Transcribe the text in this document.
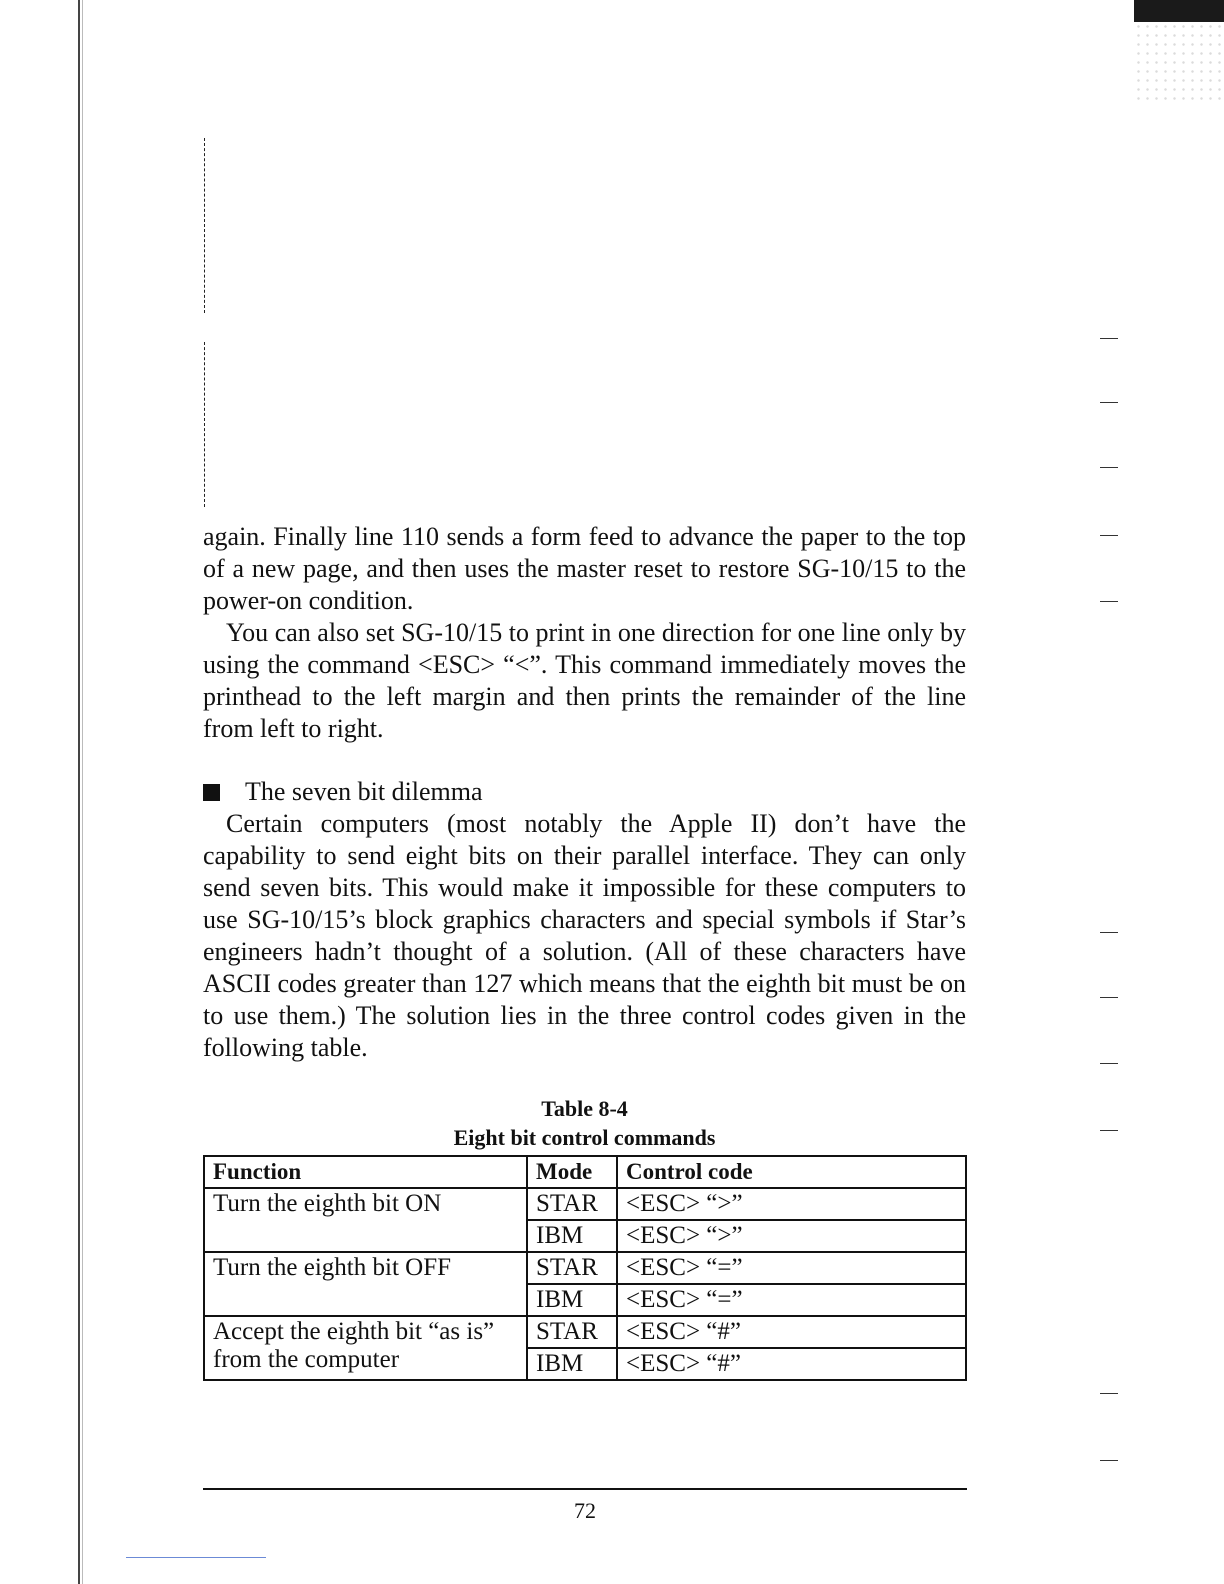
again. Finally line 110 sends a form feed to advance the paper to the top of a new page, and then uses the master reset to restore SG-10/15 to the power-on condition.

You can also set SG-10/15 to print in one direction for one line only by using the command <ESC> “<”. This command immediately moves the printhead to the left margin and then prints the remainder of the line from left to right.

The seven bit dilemma

Certain computers (most notably the Apple II) don’t have the capability to send eight bits on their parallel interface. They can only send seven bits. This would make it impossible for these computers to use SG-10/15’s block graphics characters and special symbols if Star’s engineers hadn’t thought of a solution. (All of these characters have ASCII codes greater than 127 which means that the eighth bit must be on to use them.) The solution lies in the three control codes given in the following table.

Table 8-4
Eight bit control commands
Function	Mode	Control code
Turn the eighth bit ON	STAR	<ESC> “>”
	IBM	<ESC> “>”
Turn the eighth bit OFF	STAR	<ESC> “=”
	IBM	<ESC> “=”
Accept the eighth bit “as is” from the computer	STAR	<ESC> “#”
	IBM	<ESC> “#”
72
